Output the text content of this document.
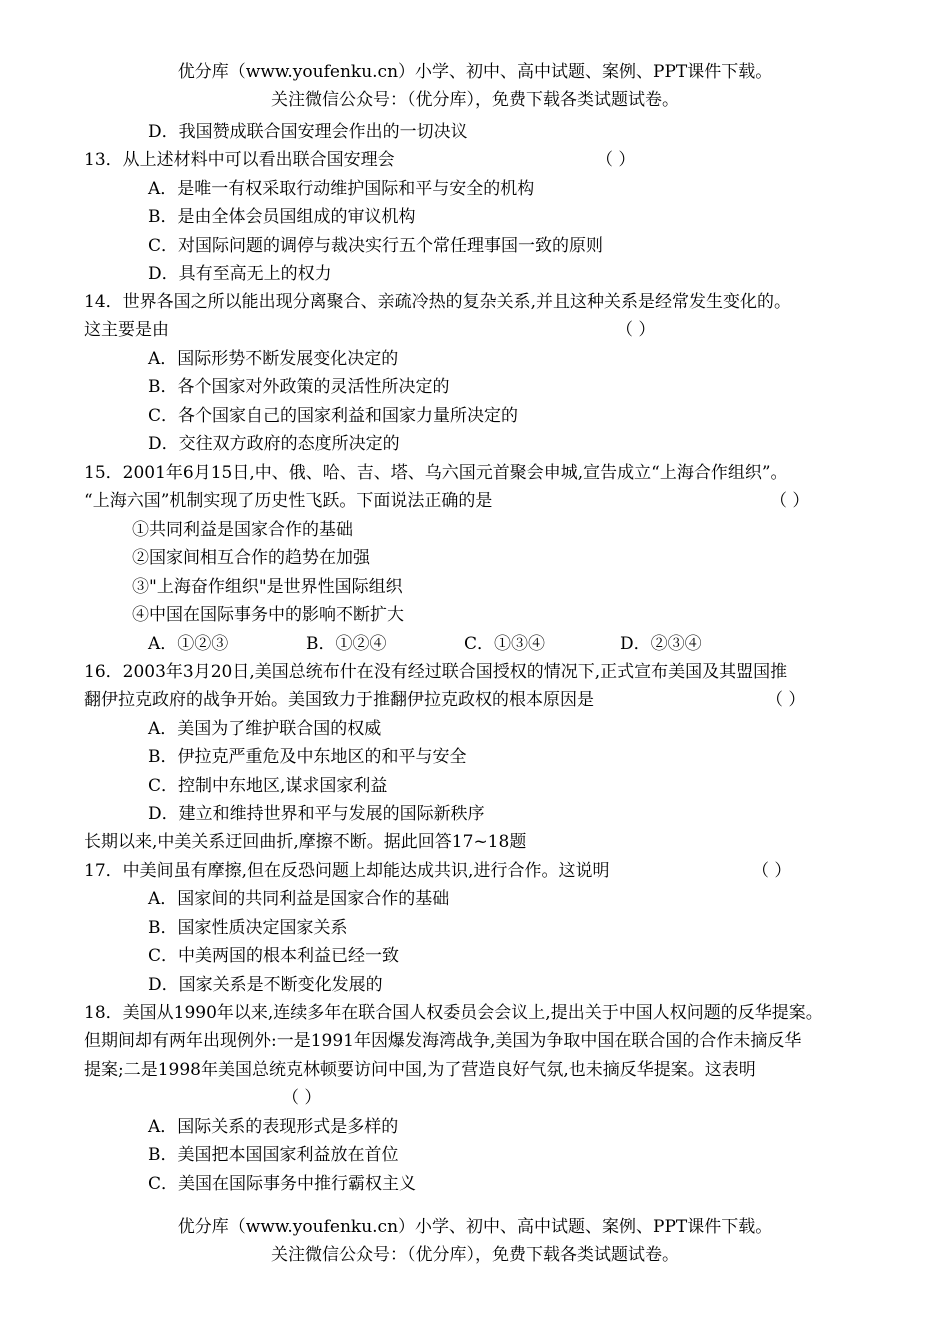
优分库（www.youfenku.cn）小学、初中、高中试题、案例、PPT课件下载。
关注微信公众号：（优分库），免费下载各类试题试卷。
D．我国赞成联合国安理会作出的一切决议
13．从上述材料中可以看出联合国安理会	（ ）
A．是唯一有权采取行动维护国际和平与安全的机构
B．是由全体会员国组成的审议机构
C．对国际问题的调停与裁决实行五个常任理事国一致的原则
D．具有至高无上的权力
14．世界各国之所以能出现分离聚合、亲疏冷热的复杂关系,并且这种关系是经常发生变化的。
这主要是由	（ ）
A．国际形势不断发展变化决定的
B．各个国家对外政策的灵活性所决定的
C．各个国家自己的国家利益和国家力量所决定的
D．交往双方政府的态度所决定的
15．2001年6月15日,中、俄、哈、吉、塔、乌六国元首聚会申城,宣告成立“上海合作组织”。
“上海六国”机制实现了历史性飞跃。下面说法正确的是	（ ）
①共同利益是国家合作的基础
②国家间相互合作的趋势在加强
③"上海奋作组织"是世界性国际组织
④中国在国际事务中的影响不断扩大
A．①②③	B．①②④	C．①③④	D．②③④
16．2003年3月20日,美国总统布什在没有经过联合国授权的情况下,正式宣布美国及其盟国推
翻伊拉克政府的战争开始。美国致力于推翻伊拉克政权的根本原因是	（ ）
A．美国为了维护联合国的权威
B．伊拉克严重危及中东地区的和平与安全
C．控制中东地区,谋求国家利益
D．建立和维持世界和平与发展的国际新秩序
长期以来,中美关系迂回曲折,摩擦不断。据此回答17~18题
17．中美间虽有摩擦,但在反恐问题上却能达成共识,进行合作。这说明	（ ）
A．国家间的共同利益是国家合作的基础
B．国家性质决定国家关系
C．中美两国的根本利益已经一致
D．国家关系是不断变化发展的
18．美国从1990年以来,连续多年在联合国人权委员会会议上,提出关于中国人权问题的反华提案。
但期间却有两年出现例外:一是1991年因爆发海湾战争,美国为争取中国在联合国的合作未摘反华
提案;二是1998年美国总统克林顿要访问中国,为了营造良好气氛,也未摘反华提案。这表明
（ ）
A．国际关系的表现形式是多样的
B．美国把本国国家利益放在首位
C．美国在国际事务中推行霸权主义
优分库（www.youfenku.cn）小学、初中、高中试题、案例、PPT课件下载。
关注微信公众号：（优分库），免费下载各类试题试卷。
